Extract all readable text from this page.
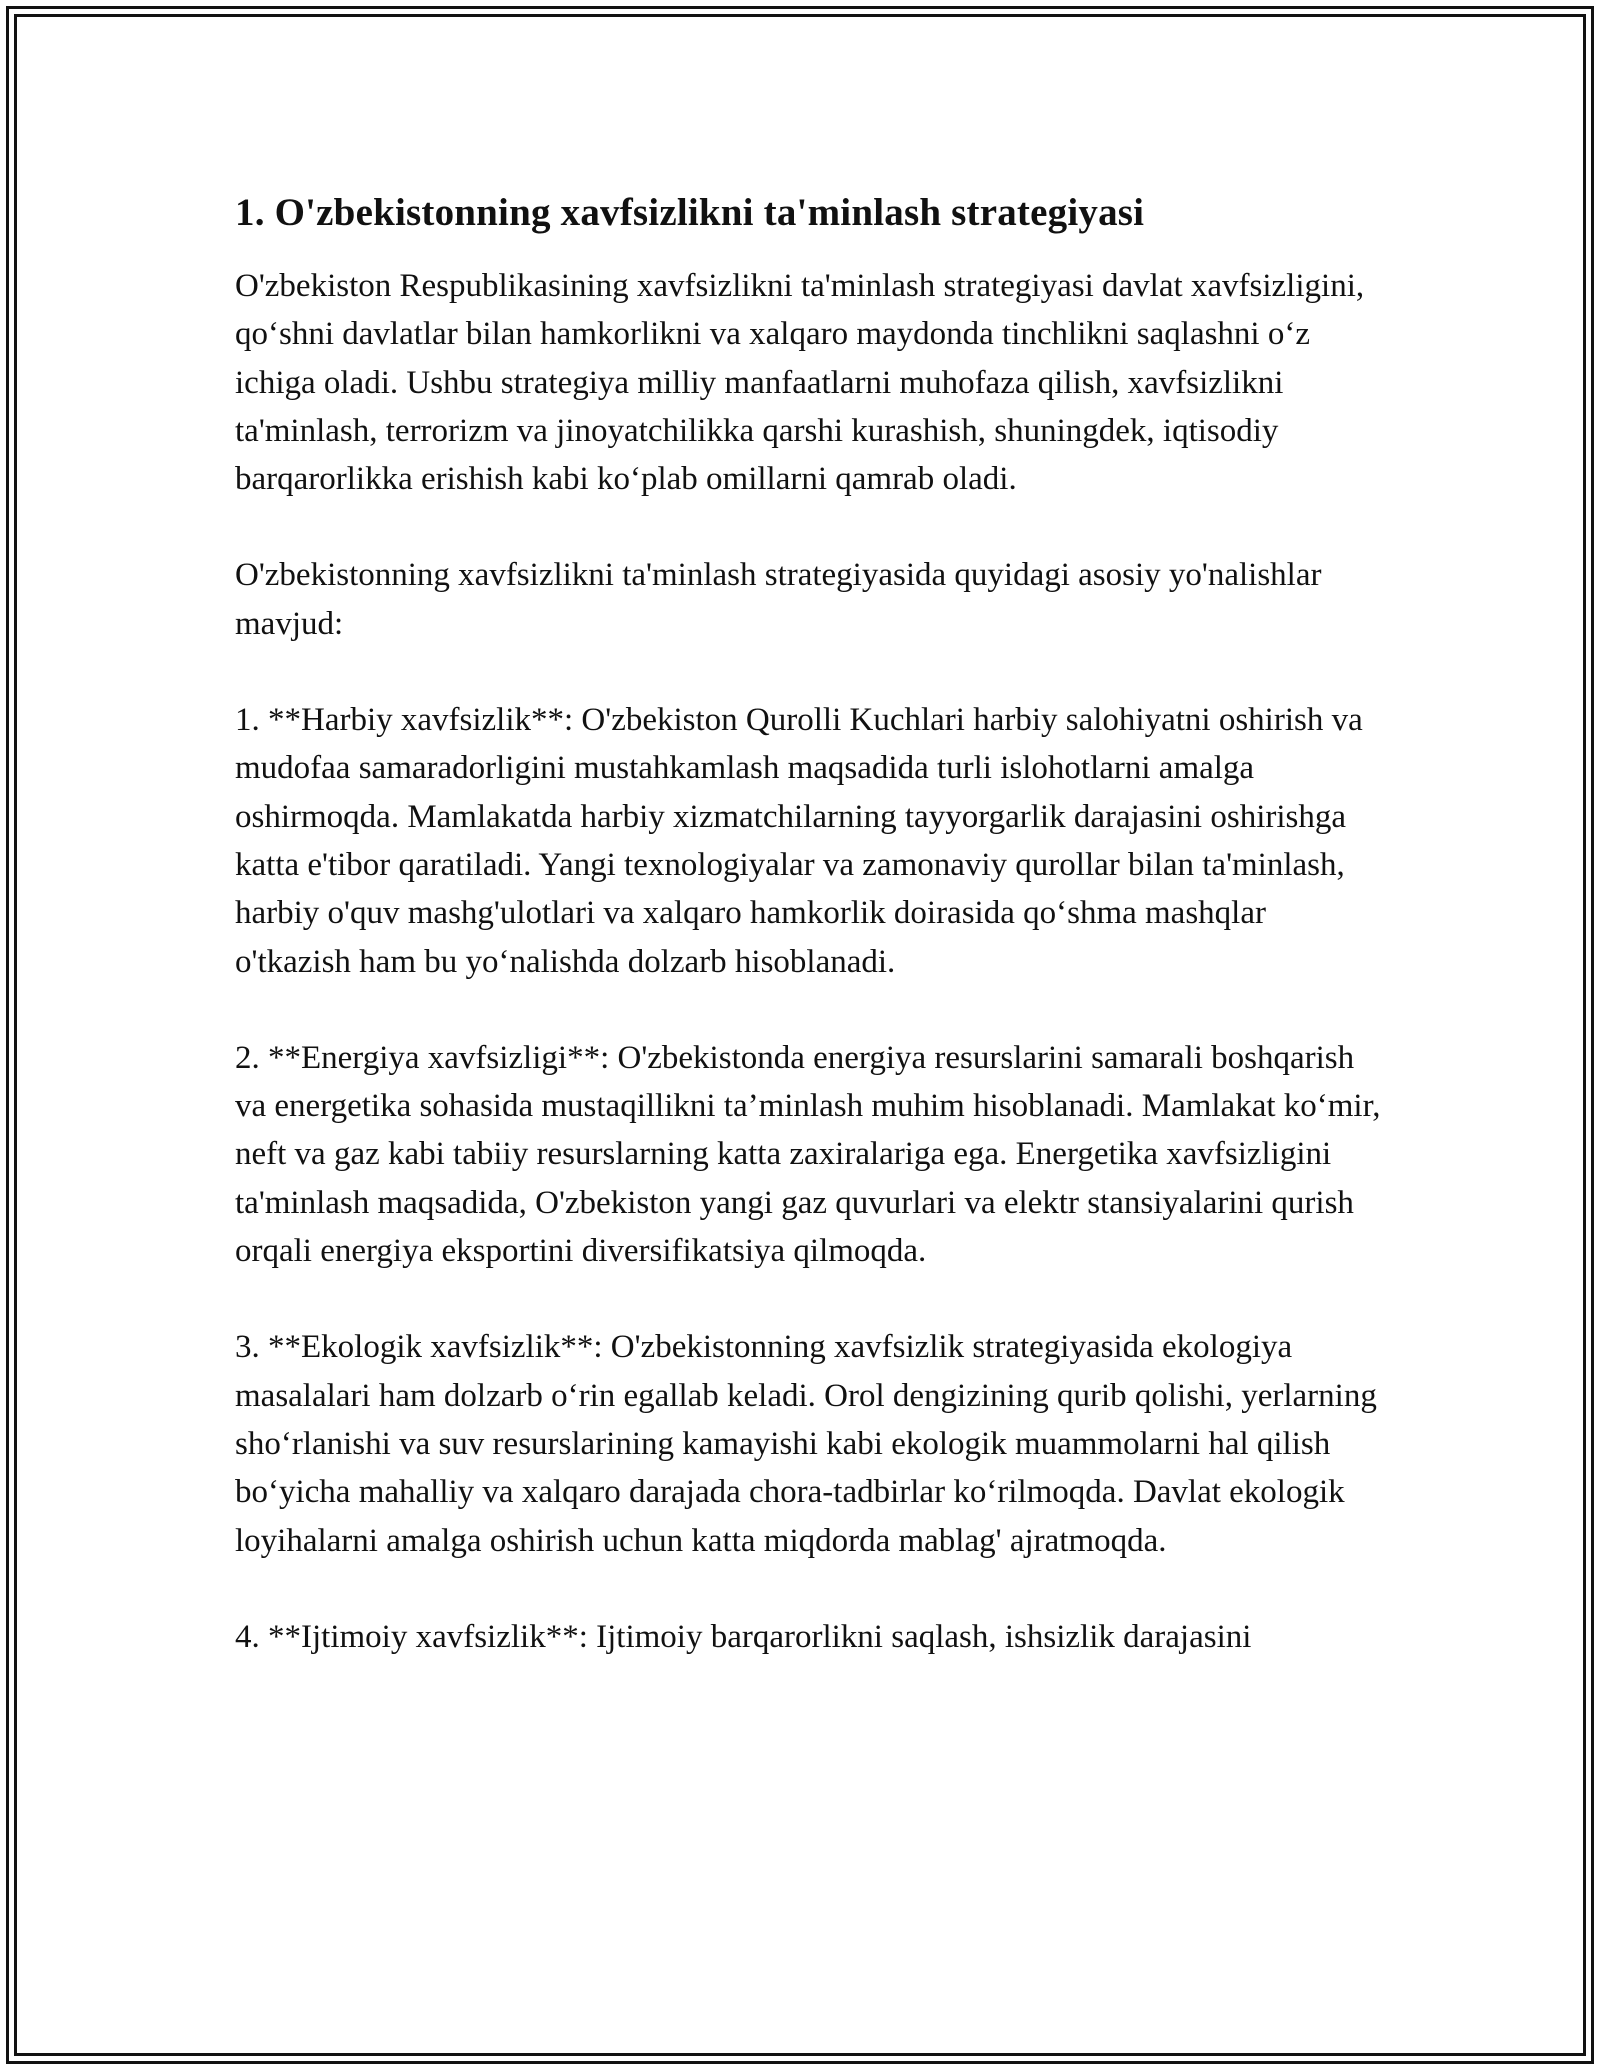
1. O'zbekistonning xavfsizlikni ta'minlash strategiyasi

O'zbekiston Respublikasining xavfsizlikni ta'minlash strategiyasi davlat xavfsizligini, qo‘shni davlatlar bilan hamkorlikni va xalqaro maydonda tinchlikni saqlashni o‘z ichiga oladi. Ushbu strategiya milliy manfaatlarni muhofaza qilish, xavfsizlikni ta'minlash, terrorizm va jinoyatchilikka qarshi kurashish, shuningdek, iqtisodiy barqarorlikka erishish kabi ko‘plab omillarni qamrab oladi.

O'zbekistonning xavfsizlikni ta'minlash strategiyasida quyidagi asosiy yo'nalishlar mavjud:

1. **Harbiy xavfsizlik**: O'zbekiston Qurolli Kuchlari harbiy salohiyatni oshirish va mudofaa samaradorligini mustahkamlash maqsadida turli islohotlarni amalga oshirmoqda. Mamlakatda harbiy xizmatchilarning tayyorgarlik darajasini oshirishga katta e'tibor qaratiladi. Yangi texnologiyalar va zamonaviy qurollar bilan ta'minlash, harbiy o'quv mashg'ulotlari va xalqaro hamkorlik doirasida qo‘shma mashqlar o'tkazish ham bu yo‘nalishda dolzarb hisoblanadi.

2. **Energiya xavfsizligi**: O'zbekistonda energiya resurslarini samarali boshqarish va energetika sohasida mustaqillikni ta’minlash muhim hisoblanadi. Mamlakat ko‘mir, neft va gaz kabi tabiiy resurslarning katta zaxiralariga ega. Energetika xavfsizligini ta'minlash maqsadida, O'zbekiston yangi gaz quvurlari va elektr stansiyalarini qurish orqali energiya eksportini diversifikatsiya qilmoqda.

3. **Ekologik xavfsizlik**: O'zbekistonning xavfsizlik strategiyasida ekologiya masalalari ham dolzarb o‘rin egallab keladi. Orol dengizining qurib qolishi, yerlarning sho‘rlanishi va suv resurslarining kamayishi kabi ekologik muammolarni hal qilish bo‘yicha mahalliy va xalqaro darajada chora-tadbirlar ko‘rilmoqda. Davlat ekologik loyihalarni amalga oshirish uchun katta miqdorda mablag' ajratmoqda.

4. **Ijtimoiy xavfsizlik**: Ijtimoiy barqarorlikni saqlash, ishsizlik darajasini
